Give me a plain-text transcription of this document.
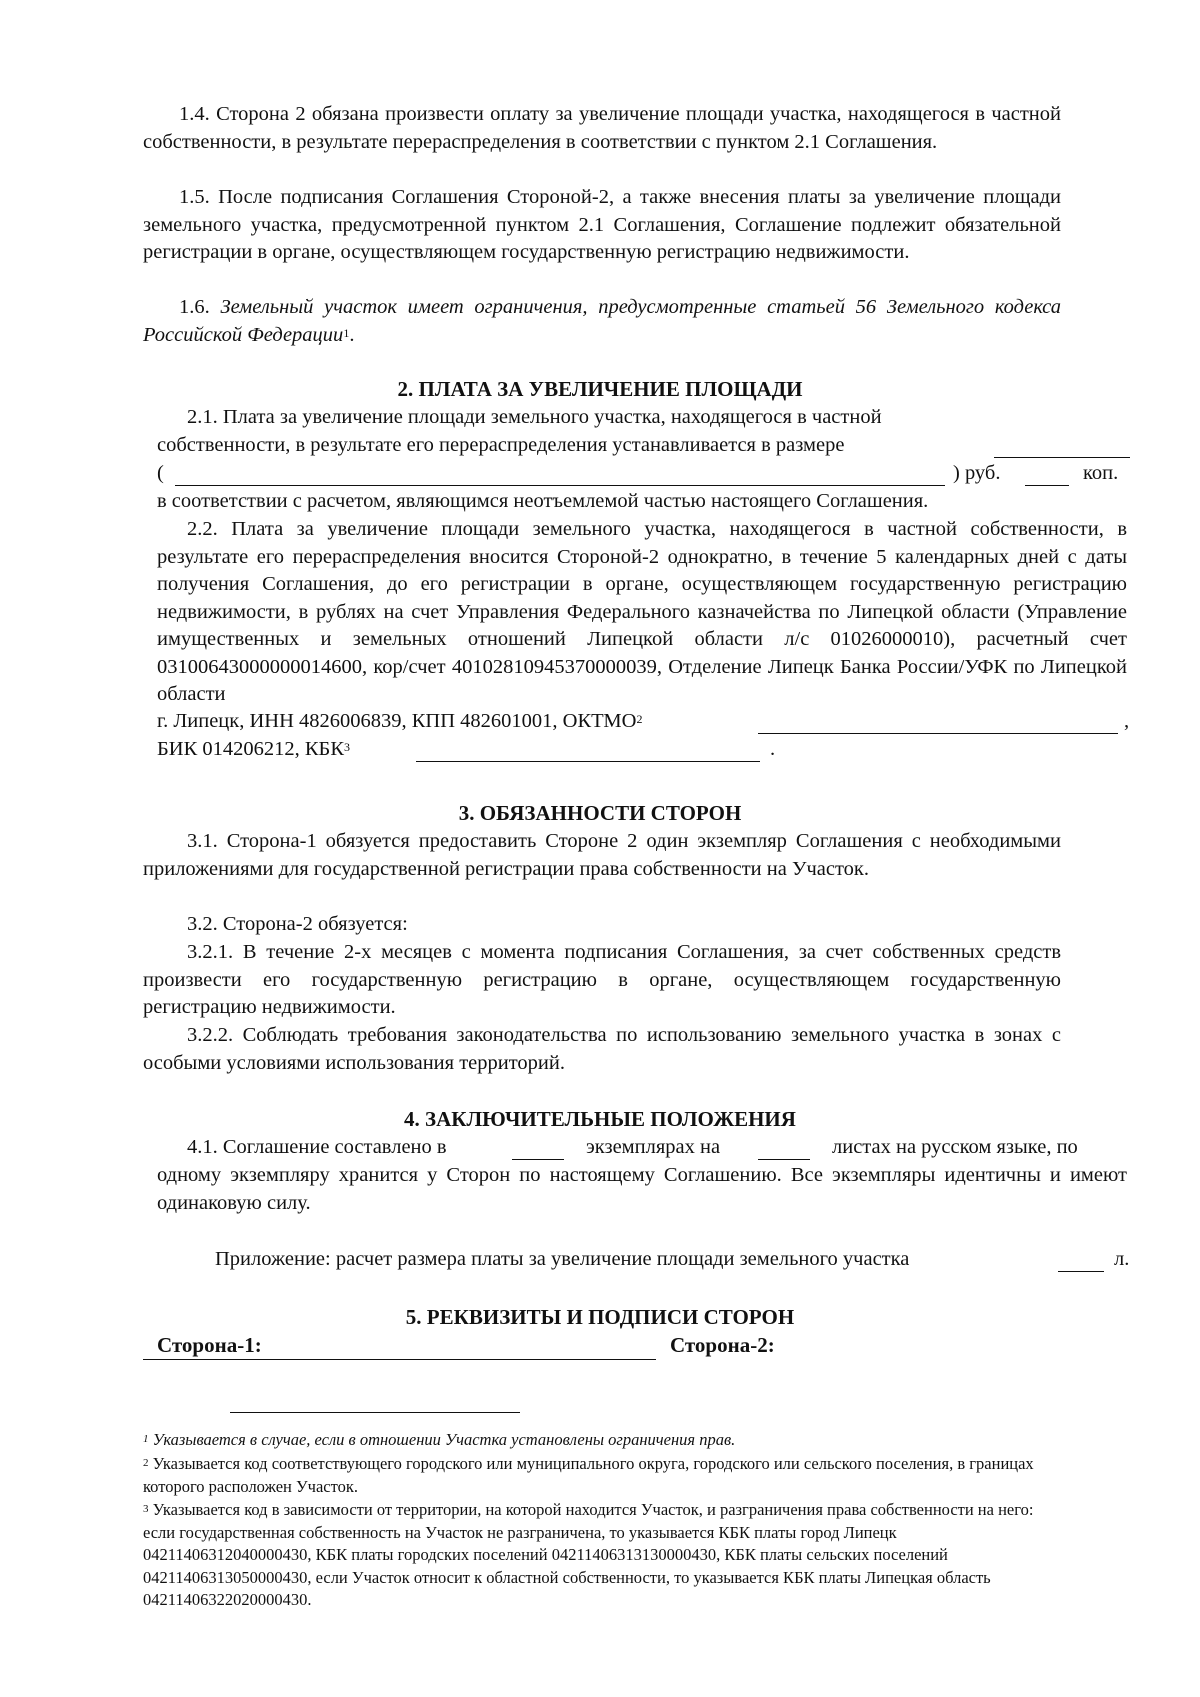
1.4. Сторона 2 обязана произвести оплату за увеличение площади участка, находящегося в частной собственности, в результате перераспределения в соответствии с пунктом 2.1 Соглашения.

1.5. После подписания Соглашения Стороной-2, а также внесения платы за увеличение площади земельного участка, предусмотренной пунктом 2.1 Соглашения, Соглашение подлежит обязательной регистрации в органе, осуществляющем государственную регистрацию недвижимости.

1.6. Земельный участок имеет ограничения, предусмотренные статьей 56 Земельного кодекса Российской Федерации$^1$.

2. ПЛАТА ЗА УВЕЛИЧЕНИЕ ПЛОЩАДИ

2.1. Плата за увеличение площади земельного участка, находящегося в частной
собственности, в результате его перераспределения устанавливается в размере
(	) руб.	коп.
в соответствии с расчетом, являющимся неотъемлемой частью настоящего Соглашения.

2.2. Плата за увеличение площади земельного участка, находящегося в частной собственности, в результате его перераспределения вносится Стороной-2 однократно, в течение 5 календарных дней с даты получения Соглашения, до его регистрации в органе, осуществляющем государственную регистрацию недвижимости, в рублях на счет Управления Федерального казначейства по Липецкой области (Управление имущественных и земельных отношений Липецкой области л/с 01026000010), расчетный счет 03100643000000014600, кор/счет 40102810945370000039, Отделение Липецк Банка России/УФК по Липецкой области

г. Липецк, ИНН 4826006839, КПП 482601001, ОКТМО$^2$	,
БИК 014206212, КБК$^3$	.

3. ОБЯЗАННОСТИ СТОРОН

3.1. Сторона-1 обязуется предоставить Стороне 2 один экземпляр Соглашения с необходимыми приложениями для государственной регистрации права собственности на Участок.

3.2. Сторона-2 обязуется:

3.2.1. В течение 2-х месяцев с момента подписания Соглашения, за счет собственных средств произвести его государственную регистрацию в органе, осуществляющем государственную регистрацию недвижимости.

3.2.2. Соблюдать требования законодательства по использованию земельного участка в зонах с особыми условиями использования территорий.

4. ЗАКЛЮЧИТЕЛЬНЫЕ ПОЛОЖЕНИЯ

4.1. Соглашение составлено в	экземплярах на	листах на русском языке, по

одному экземпляру хранится у Сторон по настоящему Соглашению. Все экземпляры идентичны и имеют одинаковую силу.

Приложение: расчет размера платы за увеличение площади земельного участка	л.

5. РЕКВИЗИТЫ И ПОДПИСИ СТОРОН

Сторона-1:	Сторона-2:

$^1$ Указывается в случае, если в отношении Участка установлены ограничения прав.

$^2$ Указывается код соответствующего городского или муниципального округа, городского или сельского поселения, в границах которого расположен Участок.

$^3$ Указывается код в зависимости от территории, на которой находится Участок, и разграничения права собственности на него: если государственная собственность на Участок не разграничена, то указывается КБК платы город Липецк 04211406312040000430, КБК платы городских поселений 04211406313130000430, КБК платы сельских поселений 04211406313050000430, если Участок относит к областной собственности, то указывается КБК платы Липецкая область 04211406322020000430.
